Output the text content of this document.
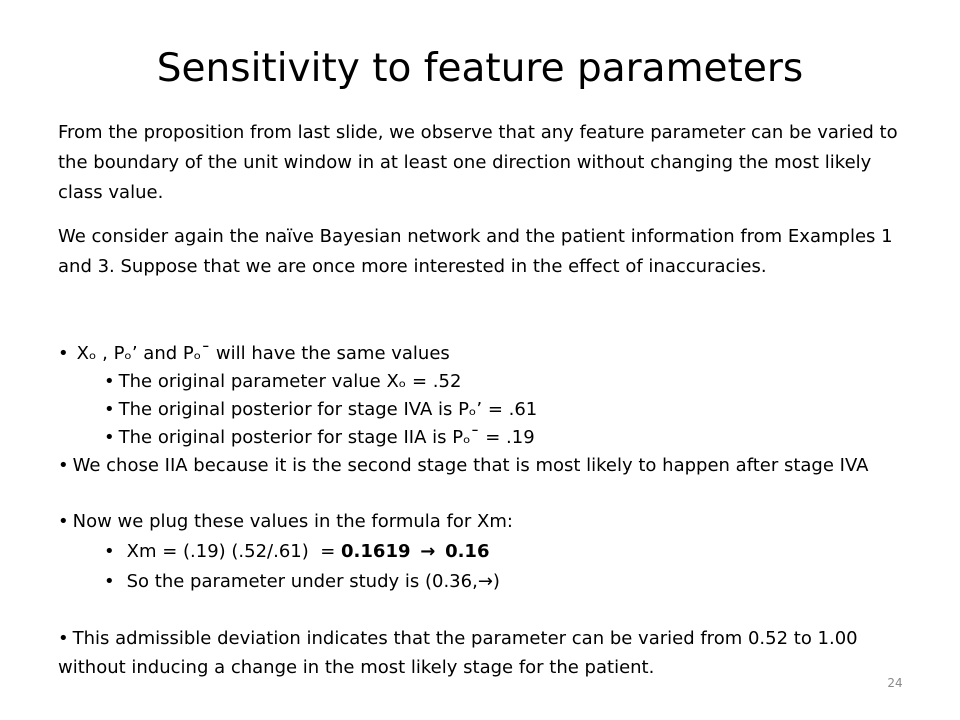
Sensitivity to feature parameters
From the proposition from last slide, we observe that any feature parameter can be varied to the boundary of the unit window in at least one direction without changing the most likely class value.
We consider again the naïve Bayesian network and the patient information from Examples 1 and 3. Suppose that we are once more interested in the effect of inaccuracies.
• Xₒ , Pₒ’ and Pₒ¯ will have the same values
• The original parameter value Xₒ = .52
• The original posterior for stage IVA is Pₒ’ = .61
• The original posterior for stage IIA is Pₒ¯ = .19
• We chose IIA because it is the second stage that is most likely to happen after stage IVA
• Now we plug these values in the formula for Xm:
• Xm = (.19) (.52/.61)  = 0.1619 → 0.16
• So the parameter under study is (0.36,→)
• This admissible deviation indicates that the parameter can be varied from 0.52 to 1.00 without inducing a change in the most likely stage for the patient.
24
